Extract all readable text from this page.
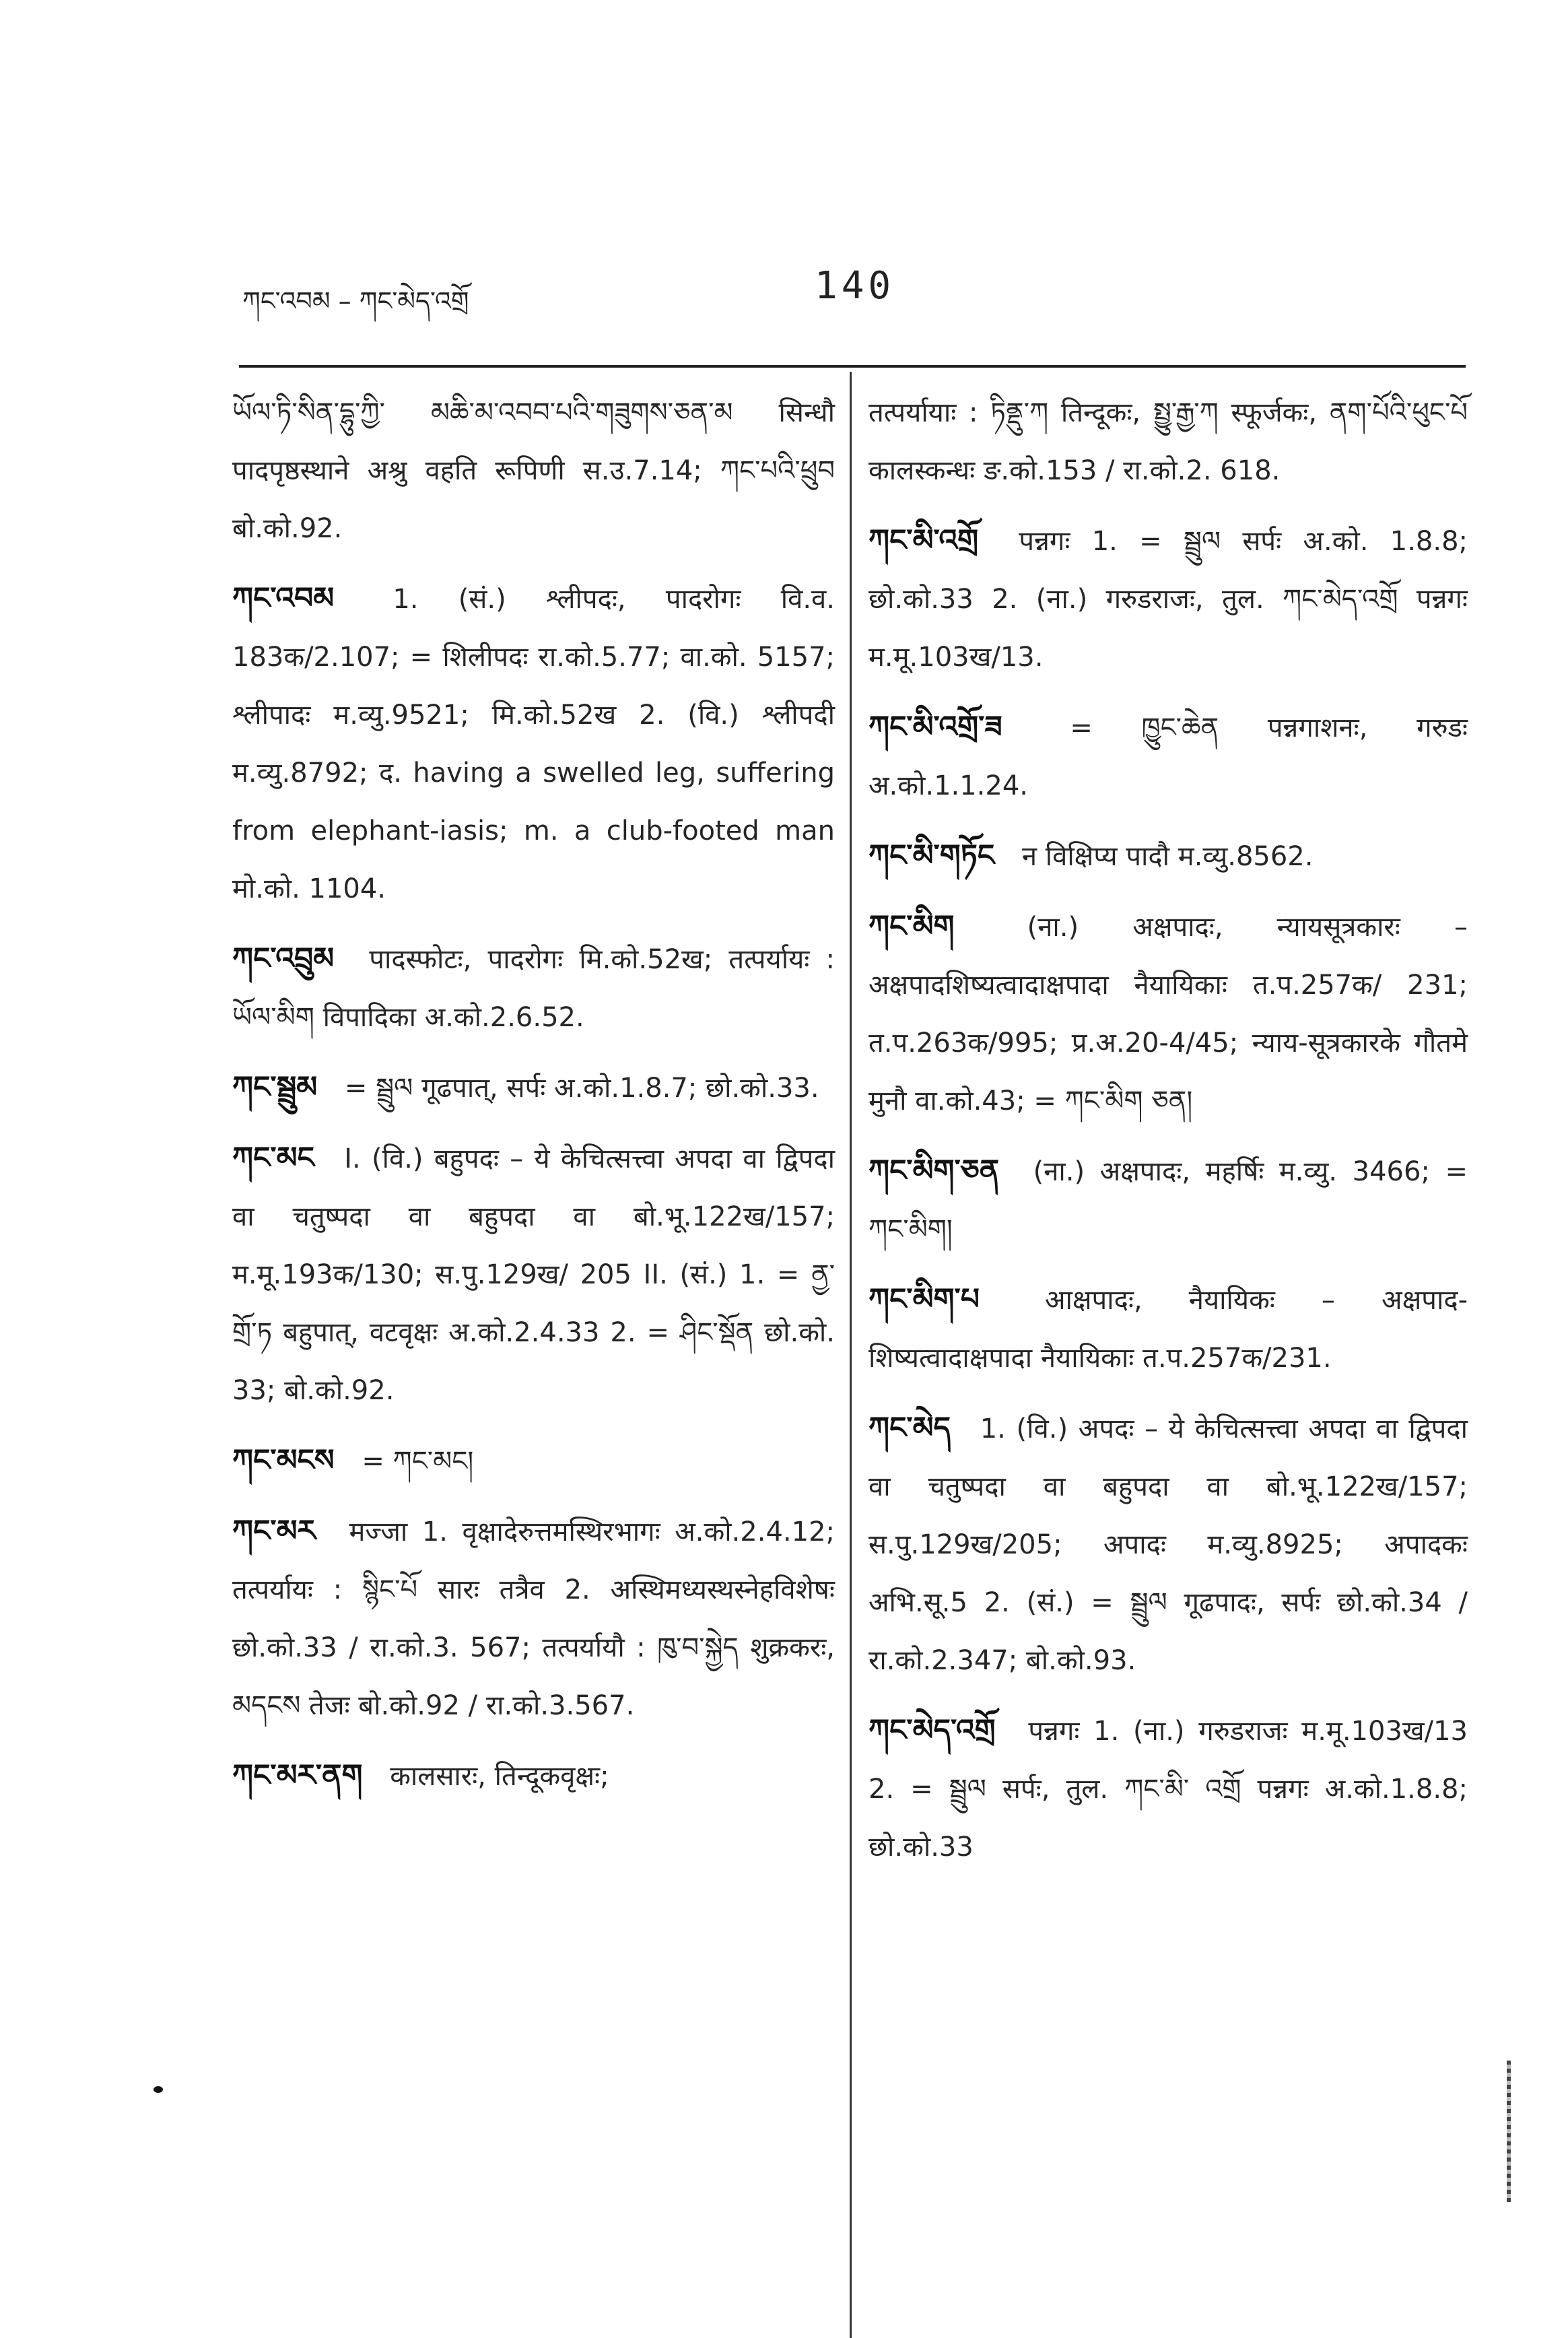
ཀང་འབམ – ཀང་མེད་འགྲོ	140
ཡོལ་ཏི་སིན་དྷུ་ཀྱི་ མཆི་མ་འབབ་པའི་གཟུགས་ཅན་མ सिन्धौ पादपृष्ठस्थाने अश्रु वहति रूपिणी स.उ.7.14; ཀང་པའི་ཕྲུབ बो.को.92.
ཀང་འབམ 1. (सं.) श्लीपदः, पादरोगः वि.व. 183क/2.107; = शिलीपदः रा.को.5.77; वा.को. 5157; श्लीपादः म.व्यु.9521; मि.को.52ख 2. (वि.) श्लीपदी म.व्यु.8792; द. having a swelled leg, suffering from elephant-iasis; m. a club-footed man मो.को. 1104.
ཀང་འབྲུམ पादस्फोटः, पादरोगः मि.को.52ख; तत्पर्यायः : ཡོལ་མིག विपादिका अ.को.2.6.52.
ཀང་སྦྲུམ = སྦྲུལ गूढपात्, सर्पः अ.को.1.8.7; छो.को.33.
ཀང་མང I. (वि.) बहुपदः – ये केचित्सत्त्वा अपदा वा द्विपदा वा चतुष्पदा वा बहुपदा वा बो.भू.122ख/157; म.मू.193क/130; स.पु.129ख/ 205 II. (सं.) 1. = ནྱ་གྲོ་ཏ बहुपात्, वटवृक्षः अ.को.2.4.33 2. = ཤིང་སྡོན छो.को. 33; बो.को.92.
ཀང་མངས = ཀང་མང།
ཀང་མར मज्जा 1. वृक्षादेरुत्तमस्थिरभागः अ.को.2.4.12; तत्पर्यायः : སྙིང་པོ सारः तत्रैव 2. अस्थिमध्यस्थस्नेहविशेषः छो.को.33 / रा.को.3. 567; तत्पर्यायौ : ཁུ་བ་སྐྱེད शुक्रकरः, མདངས तेजः बो.को.92 / रा.को.3.567.
ཀང་མར་ནག कालसारः, तिन्दूकवृक्षः;
तत्पर्यायाः : ཏིནྡུ་ཀ तिन्दूकः, སྤྱུ་རྒྱ་ཀ स्फूर्जकः, ནག་པོའི་ཕུང་པོ कालस्कन्धः ङ.को.153 / रा.को.2. 618.
ཀང་མི་འགྲོ पन्नगः 1. = སྦྲུལ सर्पः अ.को. 1.8.8; छो.को.33 2. (ना.) गरुडराजः, तुल. ཀང་མེད་འགྲོ पन्नगः म.मू.103ख/13.
ཀང་མི་འགྲོ་ཟ	= ཁྱུང་ཆེན पन्नगाशनः, गरुडः अ.को.1.1.24.
ཀང་མི་གཏོང न विक्षिप्य पादौ म.व्यु.8562.
ཀང་མིག	(ना.) अक्षपादः, न्यायसूत्रकारः – अक्षपादशिष्यत्वादाक्षपादा नैयायिकाः त.प.257क/ 231; त.प.263क/995; प्र.अ.20-4/45; न्याय-सूत्रकारके गौतमे मुनौ वा.को.43; = ཀང་མིག ཅན།
ཀང་མིག་ཅན (ना.) अक्षपादः, महर्षिः म.व्यु. 3466; = ཀང་མིག།
ཀང་མིག་པ आक्षपादः, नैयायिकः – अक्षपाद-शिष्यत्वादाक्षपादा नैयायिकाः त.प.257क/231.
ཀང་མེད 1. (वि.) अपदः – ये केचित्सत्त्वा अपदा वा द्विपदा वा चतुष्पदा वा बहुपदा वा बो.भू.122ख/157; स.पु.129ख/205; अपादः म.व्यु.8925; अपादकः अभि.सू.5 2. (सं.) = སྦྲུལ गूढपादः, सर्पः छो.को.34 / रा.को.2.347; बो.को.93.
ཀང་མེད་འགྲོ पन्नगः 1. (ना.) गरुडराजः म.मू.103ख/13 2. = སྦྲུལ सर्पः, तुल. ཀང་མི་ འགྲོ पन्नगः अ.को.1.8.8; छो.को.33
